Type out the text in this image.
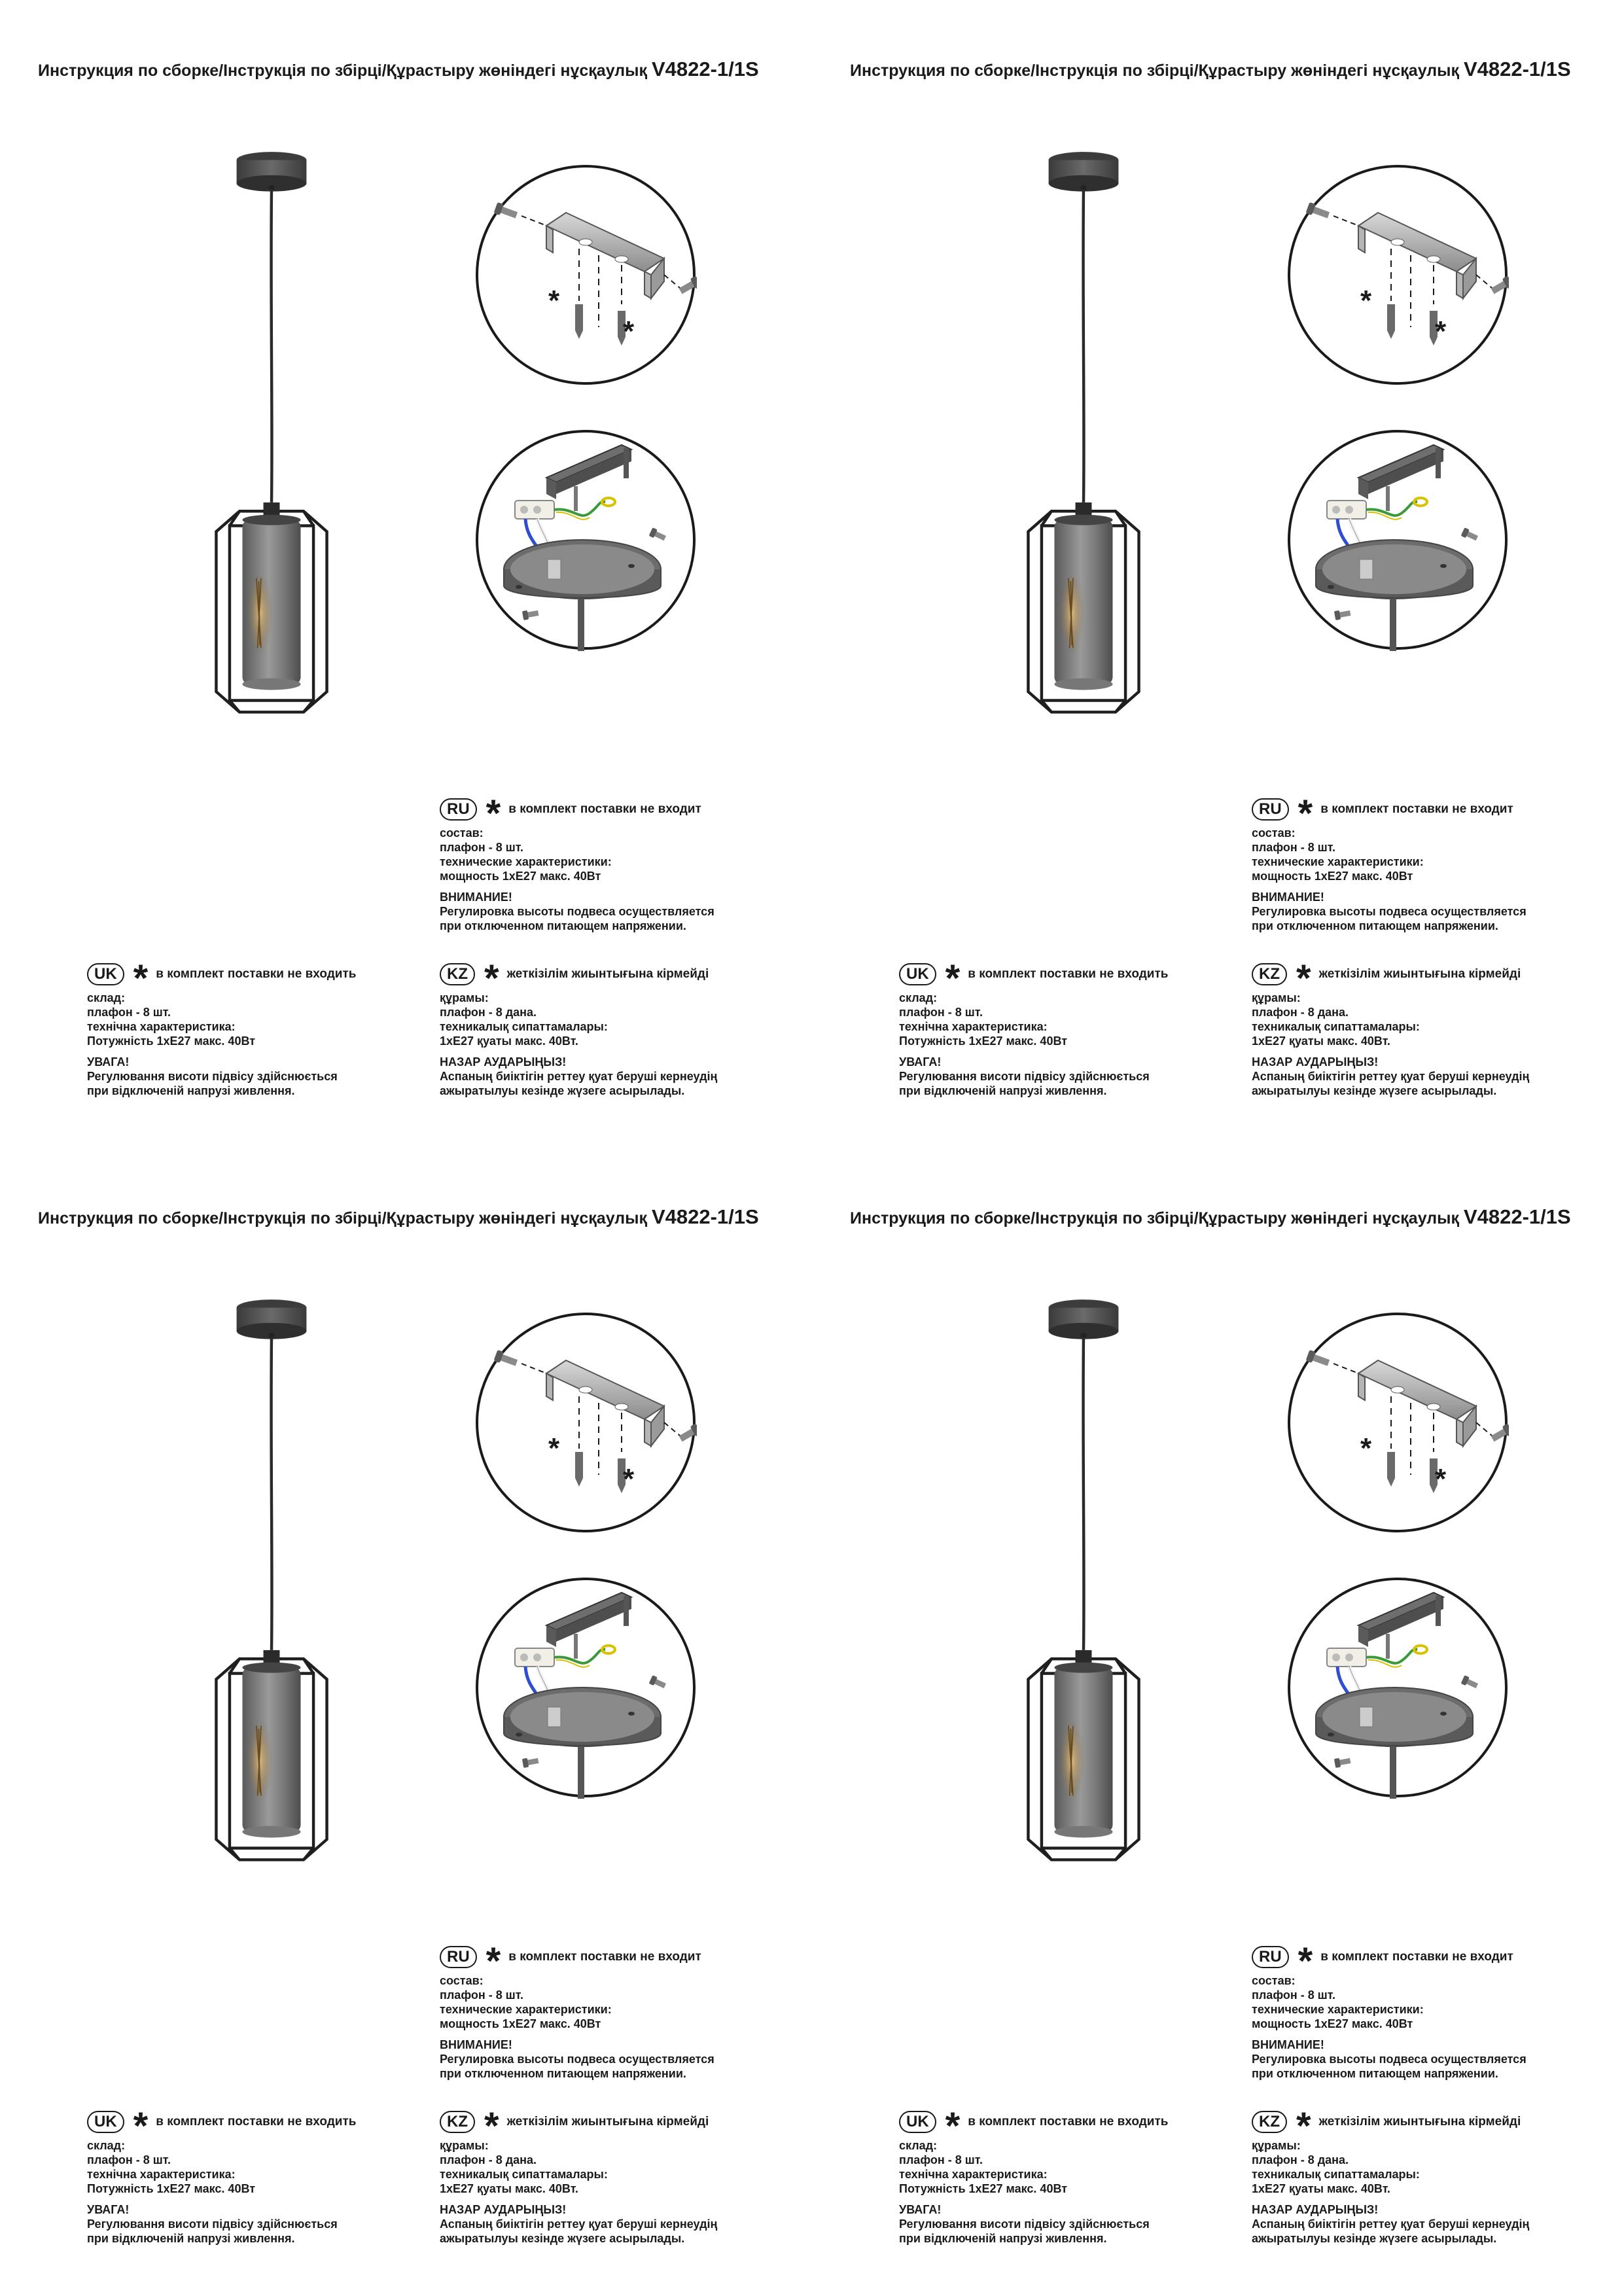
Инструкция по сборке/Інструкція по збірці/Құрастыру жөніндегі нұсқаулық V4822-1/1S
*
*
RU * в комплект поставки не входит
состав:
плафон - 8 шт.
технические характеристики:
мощность 1xE27 макс. 40Вт
ВНИМАНИЕ!
Регулировка высоты подвеса осуществляется
при отключенном питающем напряжении.
UK * в комплект поставки не входить
склад:
плафон - 8 шт.
технічна характеристика:
Потужність 1хЕ27 макс. 40Вт
УВАГА!
Регулювання висоти підвісу здійснюється
при відключеній напрузі живлення.
KZ * жеткізілім жиынтығына кірмейді
құрамы:
плафон - 8 дана.
техникалық сипаттамалары:
1xE27 қуаты макс. 40Вт.
НАЗАР АУДАРЫҢЫЗ!
Аспаның биіктігін реттеу қуат беруші кернеудің
ажыратылуы кезінде жүзеге асырылады.
Инструкция по сборке/Інструкція по збірці/Құрастыру жөніндегі нұсқаулық V4822-1/1S
*
*
RU * в комплект поставки не входит
состав:
плафон - 8 шт.
технические характеристики:
мощность 1xE27 макс. 40Вт
ВНИМАНИЕ!
Регулировка высоты подвеса осуществляется
при отключенном питающем напряжении.
UK * в комплект поставки не входить
склад:
плафон - 8 шт.
технічна характеристика:
Потужність 1хЕ27 макс. 40Вт
УВАГА!
Регулювання висоти підвісу здійснюється
при відключеній напрузі живлення.
KZ * жеткізілім жиынтығына кірмейді
құрамы:
плафон - 8 дана.
техникалық сипаттамалары:
1xE27 қуаты макс. 40Вт.
НАЗАР АУДАРЫҢЫЗ!
Аспаның биіктігін реттеу қуат беруші кернеудің
ажыратылуы кезінде жүзеге асырылады.
Инструкция по сборке/Інструкція по збірці/Құрастыру жөніндегі нұсқаулық V4822-1/1S
*
*
RU * в комплект поставки не входит
состав:
плафон - 8 шт.
технические характеристики:
мощность 1xE27 макс. 40Вт
ВНИМАНИЕ!
Регулировка высоты подвеса осуществляется
при отключенном питающем напряжении.
UK * в комплект поставки не входить
склад:
плафон - 8 шт.
технічна характеристика:
Потужність 1хЕ27 макс. 40Вт
УВАГА!
Регулювання висоти підвісу здійснюється
при відключеній напрузі живлення.
KZ * жеткізілім жиынтығына кірмейді
құрамы:
плафон - 8 дана.
техникалық сипаттамалары:
1xE27 қуаты макс. 40Вт.
НАЗАР АУДАРЫҢЫЗ!
Аспаның биіктігін реттеу қуат беруші кернеудің
ажыратылуы кезінде жүзеге асырылады.
Инструкция по сборке/Інструкція по збірці/Құрастыру жөніндегі нұсқаулық V4822-1/1S
*
*
RU * в комплект поставки не входит
состав:
плафон - 8 шт.
технические характеристики:
мощность 1xE27 макс. 40Вт
ВНИМАНИЕ!
Регулировка высоты подвеса осуществляется
при отключенном питающем напряжении.
UK * в комплект поставки не входить
склад:
плафон - 8 шт.
технічна характеристика:
Потужність 1хЕ27 макс. 40Вт
УВАГА!
Регулювання висоти підвісу здійснюється
при відключеній напрузі живлення.
KZ * жеткізілім жиынтығына кірмейді
құрамы:
плафон - 8 дана.
техникалық сипаттамалары:
1xE27 қуаты макс. 40Вт.
НАЗАР АУДАРЫҢЫЗ!
Аспаның биіктігін реттеу қуат беруші кернеудің
ажыратылуы кезінде жүзеге асырылады.
